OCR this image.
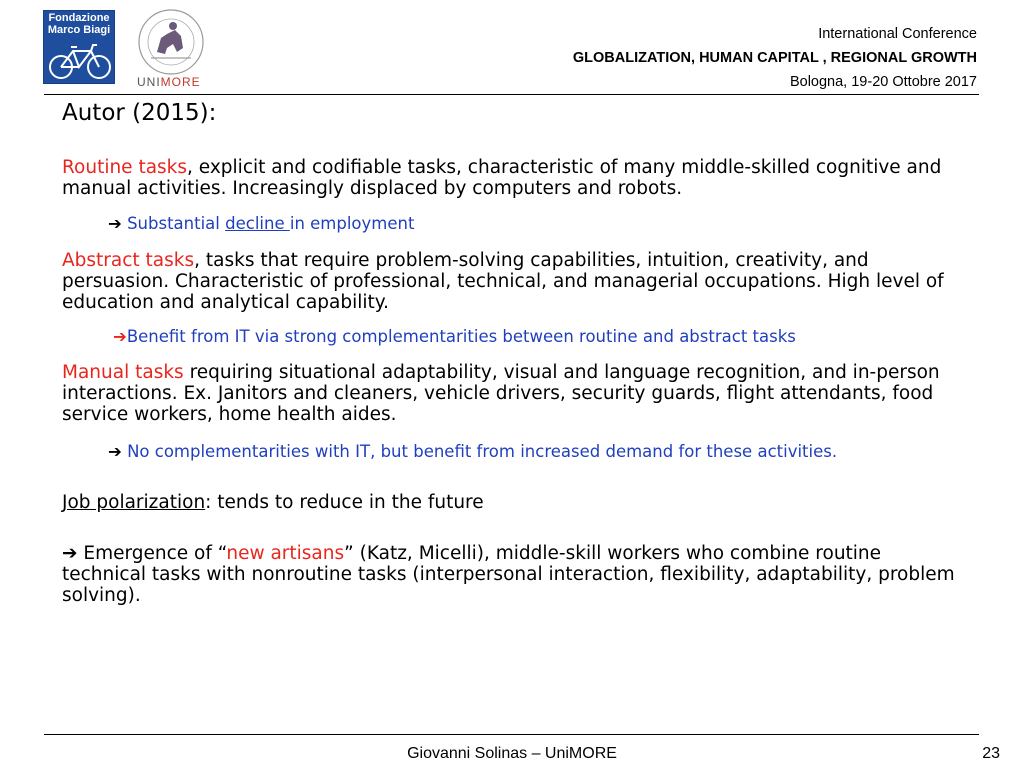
Fondazione
Marco Biagi
UNIMORE
International Conference
GLOBALIZATION, HUMAN CAPITAL , REGIONAL GROWTH
Bologna, 19-20 Ottobre 2017
Autor (2015):
Routine tasks, explicit and codifiable tasks, characteristic of many middle-skilled cognitive and manual activities. Increasingly displaced by computers and robots.
➔ Substantial decline in employment
Abstract tasks, tasks that require problem-solving capabilities, intuition, creativity, and persuasion. Characteristic of professional, technical, and managerial occupations. High level of education and analytical capability.
➔Benefit from IT via strong complementarities between routine and abstract tasks
Manual tasks requiring situational adaptability, visual and language recognition, and in-person interactions. Ex. Janitors and cleaners, vehicle drivers, security guards, flight attendants, food service workers, home health aides.
➔ No complementarities with IT, but benefit from increased demand for these activities.
Job polarization: tends to reduce in the future
➔ Emergence of “new artisans” (Katz, Micelli), middle-skill workers who combine routine technical tasks with nonroutine tasks (interpersonal interaction, flexibility, adaptability, problem solving).
Giovanni Solinas – UniMORE	23
